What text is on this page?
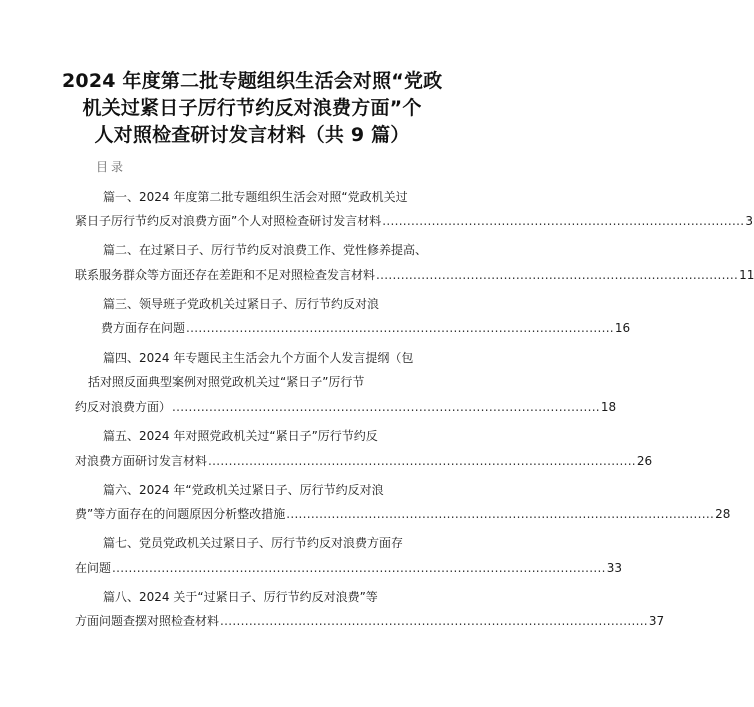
2024 年度第二批专题组织生活会对照“党政
机关过紧日子厉行节约反对浪费方面”个
人对照检查研讨发言材料（共 9 篇）
目录
篇一、2024 年度第二批专题组织生活会对照“党政机关过
紧日子厉行节约反对浪费方面”个人对照检查研讨发言材料 ........................................................................................ 3
篇二、在过紧日子、厉行节约反对浪费工作、党性修养提高、
联系服务群众等方面还存在差距和不足对照检查发言材料 ........................................................................................ 11
篇三、领导班子党政机关过紧日子、厉行节约反对浪
费方面存在问题 ........................................................................................................ 16
篇四、2024 年专题民主生活会九个方面个人发言提纲（包
括对照反面典型案例对照党政机关过“紧日子”厉行节
约反对浪费方面） ........................................................................................................ 18
篇五、2024 年对照党政机关过“紧日子”厉行节约反
对浪费方面研讨发言材料 ........................................................................................................ 26
篇六、2024 年“党政机关过紧日子、厉行节约反对浪
费”等方面存在的问题原因分析整改措施 ........................................................................................................ 28
篇七、党员党政机关过紧日子、厉行节约反对浪费方面存
在问题 ........................................................................................................................ 33
篇八、2024 关于“过紧日子、厉行节约反对浪费”等
方面问题查摆对照检查材料 ........................................................................................................ 37
